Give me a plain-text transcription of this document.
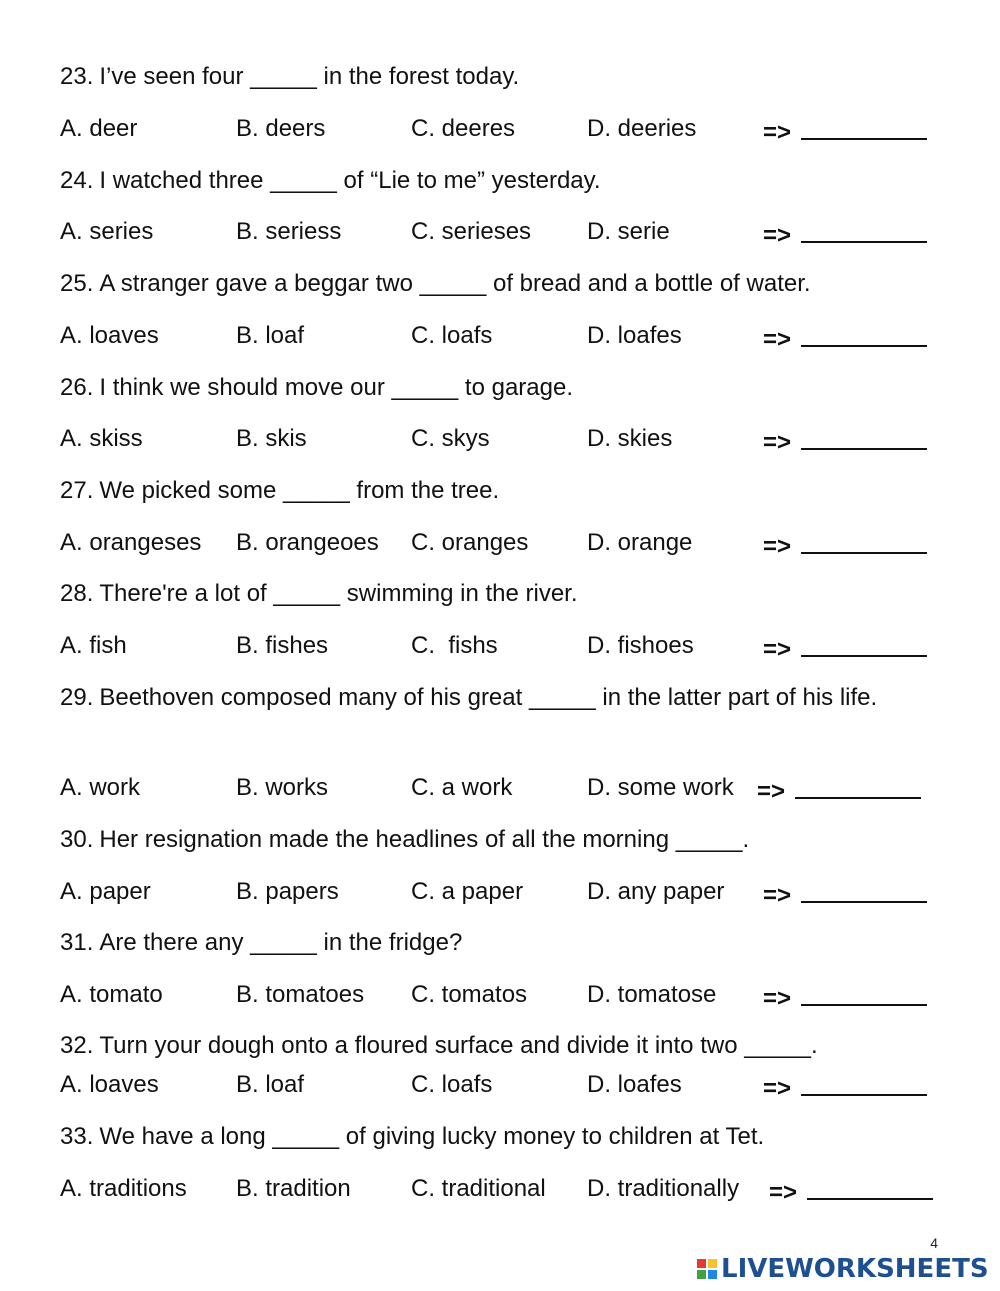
23. I’ve seen four _____ in the forest today.
A. deer	B. deers	C. deeres	D. deeries	=>
24. I watched three _____ of “Lie to me” yesterday.
A. series	B. seriess	C. serieses D. serie	=>
25. A stranger gave a beggar two _____ of bread and a bottle of water.
A. loaves	B. loaf	C. loafs	D. loafes	=>
26. I think we should move our _____ to garage.
A. skiss	B. skis	C. skys	D. skies	=>
27. We picked some _____ from the tree.
A. orangeses B. orangeoes C. oranges D. orange	=>
28. There're a lot of _____ swimming in the river.
A. fish	B. fishes	C.  fishs	D. fishoes	=>
29. Beethoven composed many of his great _____ in the latter part of his life.
A. work	B. works	C. a work	D. some work =>
30. Her resignation made the headlines of all the morning _____.
A. paper	B. papers	C. a paper	D. any paper =>
31. Are there any _____ in the fridge?
A. tomato	B. tomatoes C. tomatos D. tomatose =>
32. Turn your dough onto a floured surface and divide it into two _____.
A. loaves	B. loaf	C. loafs	D. loafes	=>
33. We have a long _____ of giving lucky money to children at Tet.
A. traditions B. tradition	C. traditional D. traditionally =>
4
LIVEWORKSHEETS
